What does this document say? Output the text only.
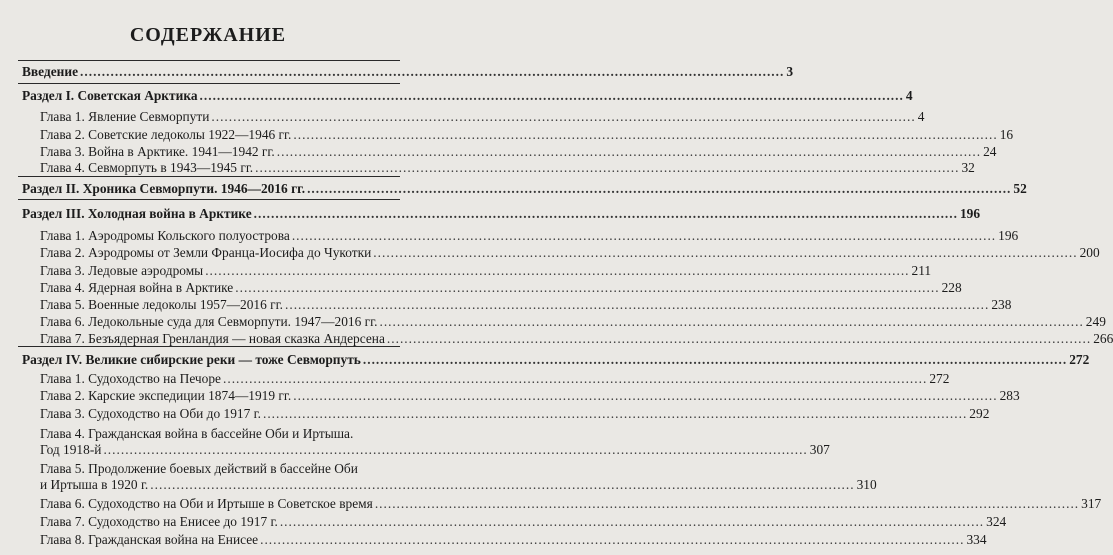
СОДЕРЖАНИЕ
Введение .....	3
Раздел I. Советская Арктика .....	4
Глава 1. Явление Севморпути .....	4
Глава 2. Советские ледоколы 1922—1946 гг. .....	16
Глава 3. Война в Арктике. 1941—1942 гг. .....	24
Глава 4. Севморпуть в 1943—1945 гг. .....	32
Раздел II. Хроника Севморпути. 1946—2016 гг. .....	52
Раздел III. Холодная война в Арктике .....	196
Глава 1. Аэродромы Кольского полуострова .....	196
Глава 2. Аэродромы от Земли Франца-Иосифа до Чукотки .....	200
Глава 3. Ледовые аэродромы .....	211
Глава 4. Ядерная война в Арктике .....	228
Глава 5. Военные ледоколы 1957—2016 гг. .....	238
Глава 6. Ледокольные суда для Севморпути. 1947—2016 гг. .....	249
Глава 7. Безъядерная Гренландия — новая сказка Андерсена .....	266
Раздел IV. Великие сибирские реки — тоже Севморпуть .....	272
Глава 1. Судоходство на Печоре .....	272
Глава 2. Карские экспедиции 1874—1919 гг. .....	283
Глава 3. Судоходство на Оби до 1917 г. .....	292
Глава 4. Гражданская война в бассейне Оби и Иртыша.
Год 1918-й .....	307
Глава 5. Продолжение боевых действий в бассейне Оби
и Иртыша в 1920 г. .....	310
Глава 6. Судоходство на Оби и Иртыше в Советское время .....	317
Глава 7. Судоходство на Енисее до 1917 г. .....	324
Глава 8. Гражданская война на Енисее .....	334
